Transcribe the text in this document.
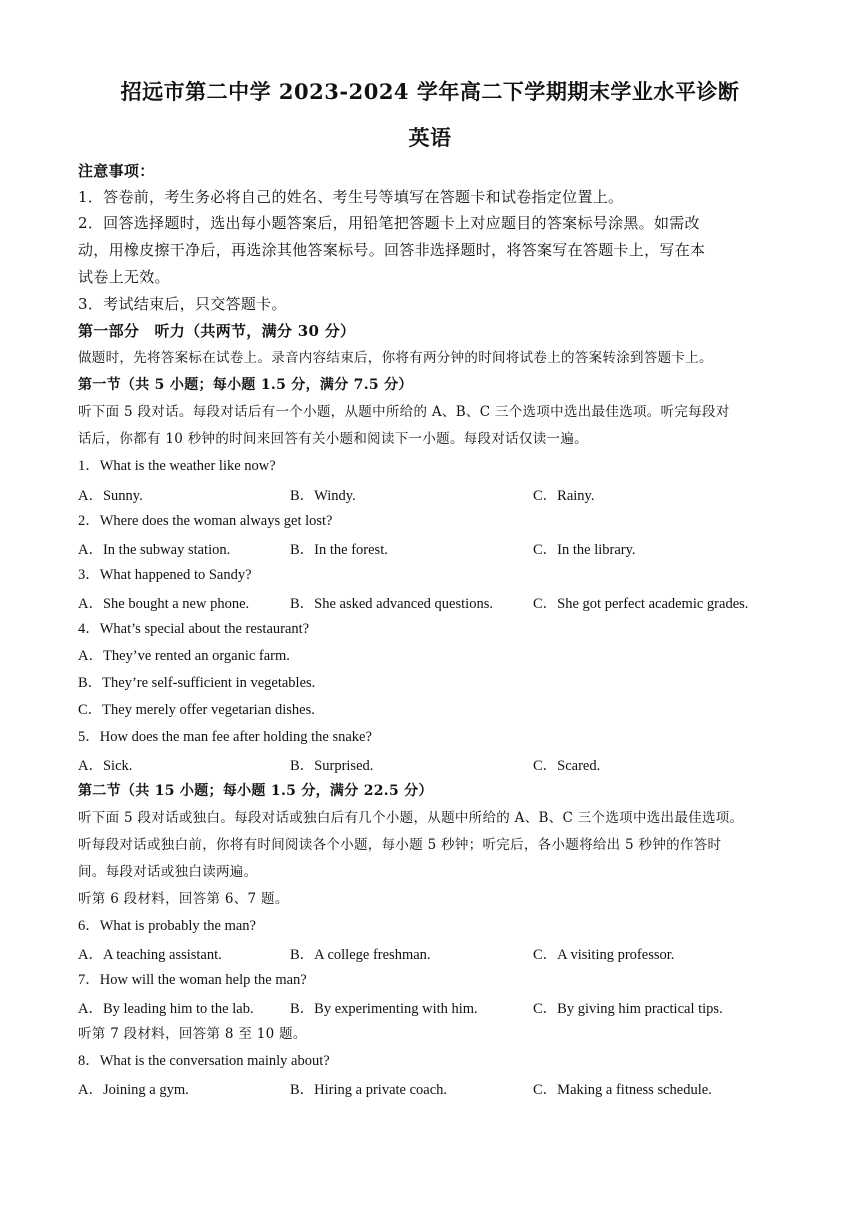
招远市第二中学 2023-2024 学年高二下学期期末学业水平诊断
英语
注意事项：
1．答卷前，考生务必将自己的姓名、考生号等填写在答题卡和试卷指定位置上。
2．回答选择题时，选出每小题答案后，用铅笔把答题卡上对应题目的答案标号涂黑。如需改
动，用橡皮擦干净后，再选涂其他答案标号。回答非选择题时，将答案写在答题卡上，写在本
试卷上无效。
3．考试结束后，只交答题卡。
第一部分　听力（共两节，满分 30 分）
做题时，先将答案标在试卷上。录音内容结束后，你将有两分钟的时间将试卷上的答案转涂到答题卡上。
第一节（共 5 小题；每小题 1.5 分，满分 7.5 分）
听下面 5 段对话。每段对话后有一个小题，从题中所给的 A、B、C 三个选项中选出最佳选项。听完每段对
话后，你都有 10 秒钟的时间来回答有关小题和阅读下一小题。每段对话仅读一遍。
1．What is the weather like now?
A．Sunny.	B．Windy.	C．Rainy.
2．Where does the woman always get lost?
A．In the subway station.	B．In the forest.	C．In the library.
3．What happened to Sandy?
A．She bought a new phone.	B．She asked advanced questions.	C．She got perfect academic grades.
4．What’s special about the restaurant?
A．They’ve rented an organic farm.
B．They’re self-sufficient in vegetables.
C．They merely offer vegetarian dishes.
5．How does the man fee after holding the snake?
A．Sick.	B．Surprised.	C．Scared.
第二节（共 15 小题；每小题 1.5 分，满分 22.5 分）
听下面 5 段对话或独白。每段对话或独白后有几个小题，从题中所给的 A、B、C 三个选项中选出最佳选项。
听每段对话或独白前，你将有时间阅读各个小题，每小题 5 秒钟；听完后，各小题将给出 5 秒钟的作答时
间。每段对话或独白读两遍。
听第 6 段材料，回答第 6、7 题。
6．What is probably the man?
A．A teaching assistant.	B．A college freshman.	C．A visiting professor.
7．How will the woman help the man?
A．By leading him to the lab.	B．By experimenting with him.	C．By giving him practical tips.
听第 7 段材料，回答第 8 至 10 题。
8．What is the conversation mainly about?
A．Joining a gym.	B．Hiring a private coach.	C．Making a fitness schedule.
